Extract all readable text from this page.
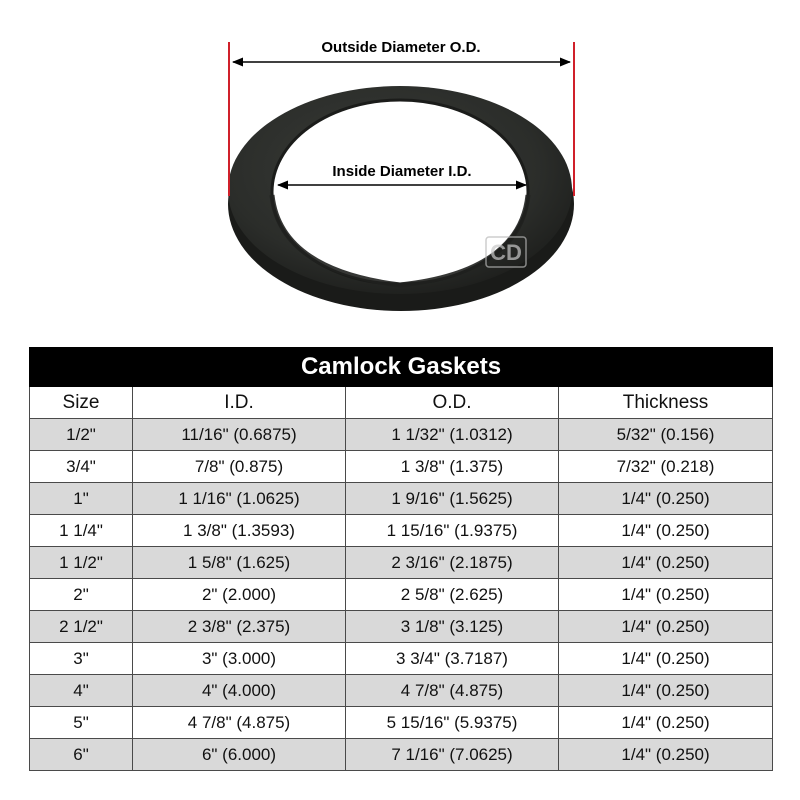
Outside Diameter O.D.
Inside Diameter I.D.
CD
Camlock Gaskets			
Size	I.D.	O.D.	Thickness
1/2"	11/16" (0.6875)	1 1/32" (1.0312)	5/32" (0.156)
3/4"	7/8" (0.875)	1 3/8" (1.375)	7/32" (0.218)
1"	1 1/16" (1.0625)	1 9/16" (1.5625)	1/4" (0.250)
1 1/4"	1 3/8" (1.3593)	1 15/16" (1.9375)	1/4" (0.250)
1 1/2"	1 5/8" (1.625)	2 3/16" (2.1875)	1/4" (0.250)
2"	2" (2.000)	2 5/8" (2.625)	1/4" (0.250)
2 1/2"	2 3/8" (2.375)	3 1/8" (3.125)	1/4" (0.250)
3"	3" (3.000)	3 3/4" (3.7187)	1/4" (0.250)
4"	4" (4.000)	4 7/8" (4.875)	1/4" (0.250)
5"	4 7/8" (4.875)	5 15/16" (5.9375)	1/4" (0.250)
6"	6" (6.000)	7 1/16" (7.0625)	1/4" (0.250)
